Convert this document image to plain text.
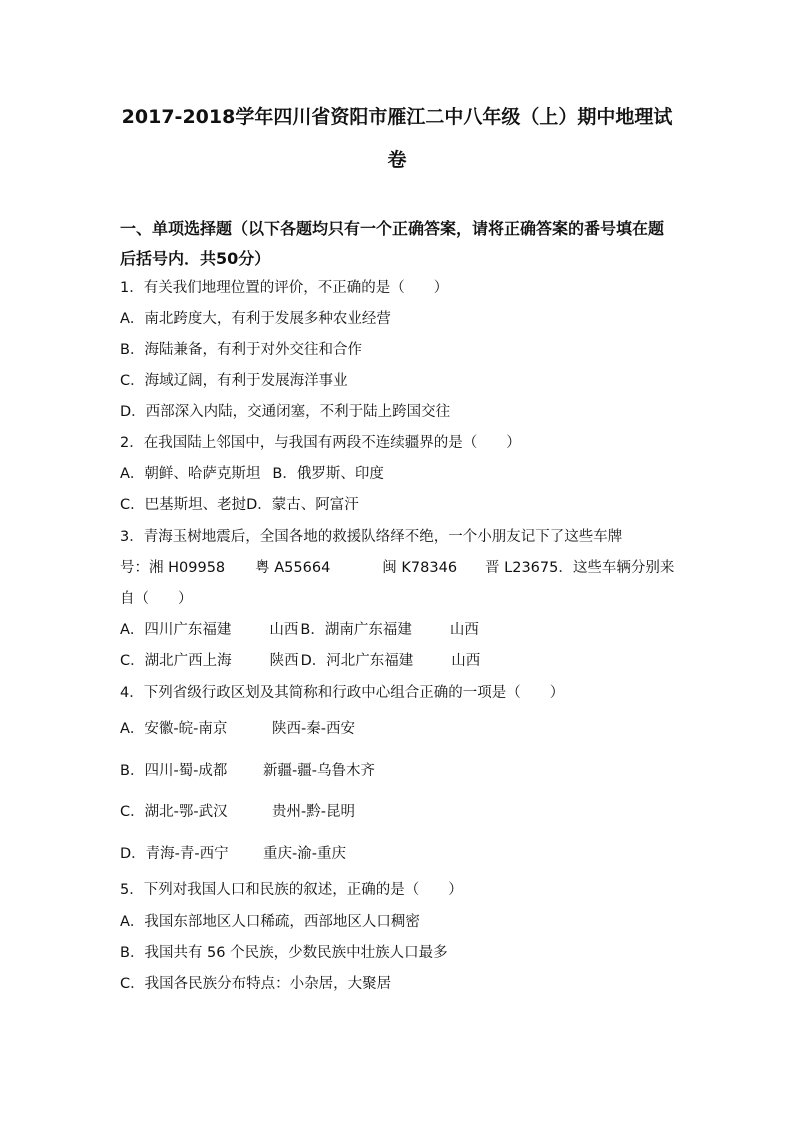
2017-2018学年四川省资阳市雁江二中八年级（上）期中地理试
卷
一、单项选择题（以下各题均只有一个正确答案，请将正确答案的番号填在题
后括号内．共50分）
1．有关我们地理位置的评价，不正确的是（　　）
A．南北跨度大，有利于发展多种农业经营
B．海陆兼备，有利于对外交往和合作
C．海域辽阔，有利于发展海洋事业
D．西部深入内陆，交通闭塞，不利于陆上跨国交往
2．在我国陆上邻国中，与我国有两段不连续疆界的是（　　）
A．朝鲜、哈萨克斯坦 B．俄罗斯、印度
C．巴基斯坦、老挝D．蒙古、阿富汗
3．青海玉树地震后，全国各地的救援队络绎不绝，一个小朋友记下了这些车牌
号：湘 H09958 粤 A55664	闽 K78346 晋 L23675．这些车辆分别来
自（　　）
A．四川广东福建	山西 B．湖南广东福建	山西
C．湖北广西上海	陕西 D．河北广东福建	山西
4．下列省级行政区划及其简称和行政中心组合正确的一项是（　　）
A．安徽-皖-南京	陕西-秦-西安
B．四川-蜀-成都 新疆-疆-乌鲁木齐
C．湖北-鄂-武汉	贵州-黔-昆明
D．青海-青-西宁 重庆-渝-重庆
5．下列对我国人口和民族的叙述，正确的是（　　）
A．我国东部地区人口稀疏，西部地区人口稠密
B．我国共有 56 个民族，少数民族中壮族人口最多
C．我国各民族分布特点：小杂居，大聚居
